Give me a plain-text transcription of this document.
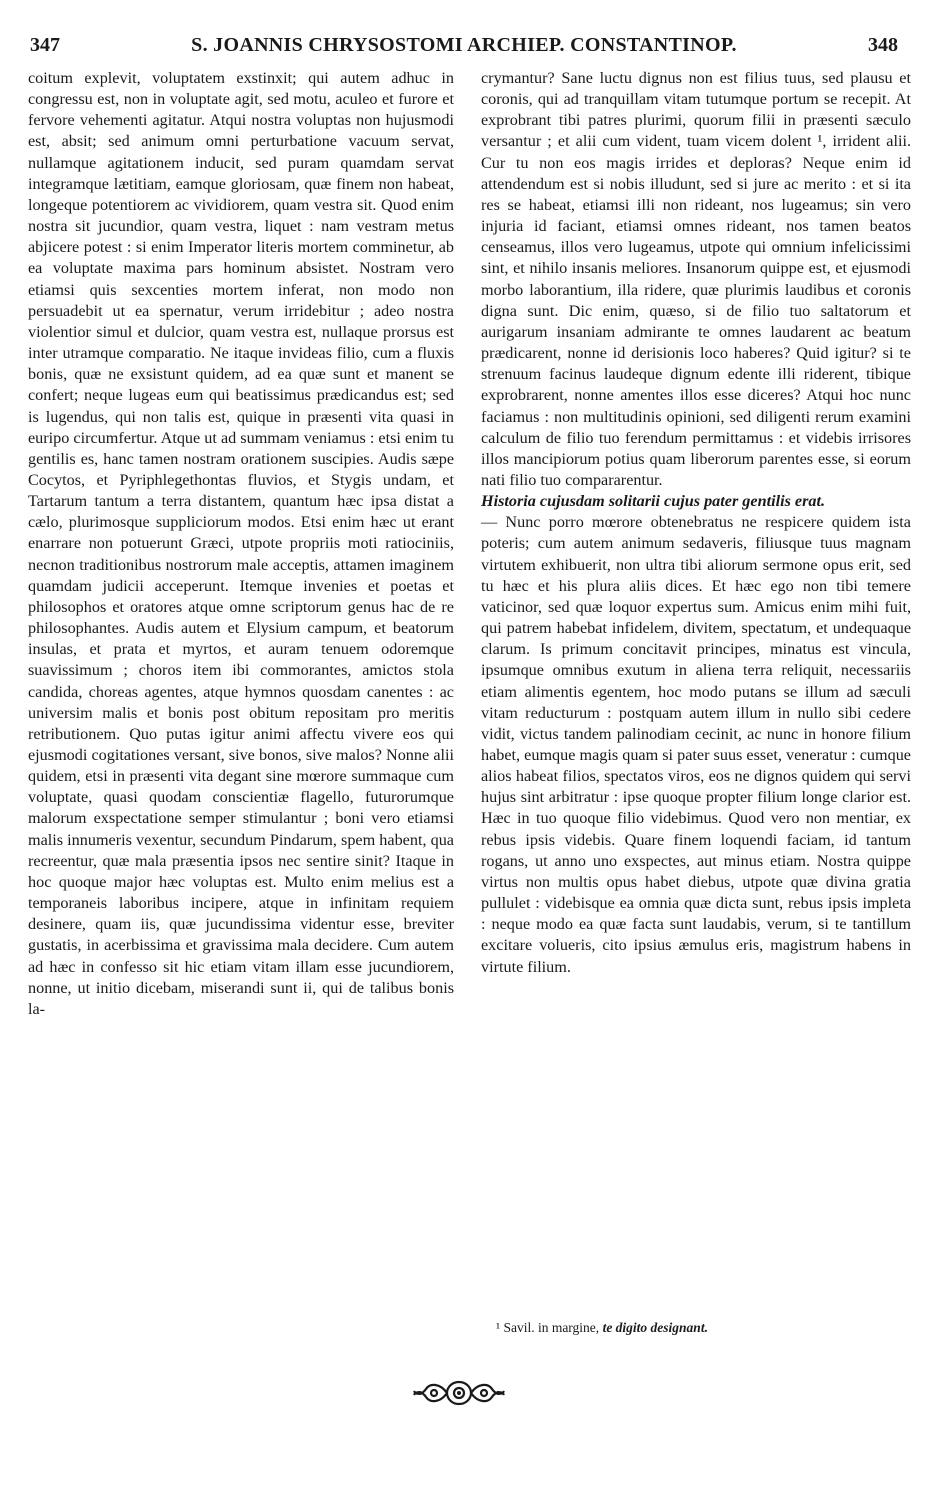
347	S. JOANNIS CHRYSOSTOMI ARCHIEP. CONSTANTINOP.	348

coitum explevit, voluptatem exstinxit; qui autem adhuc in congressu est, non in voluptate agit, sed motu, aculeo et furore et fervore vehementi agitatur. Atqui nostra voluptas non hujusmodi est, absit; sed animum omni perturbatione vacuum servat, nullamque agitationem inducit, sed puram quamdam servat integramque lætitiam, eamque gloriosam, quæ finem non habeat, longeque potentiorem ac vividiorem, quam vestra sit. Quod enim nostra sit jucundior, quam vestra, liquet : nam vestram metus abjicere potest : si enim Imperator literis mortem comminetur, ab ea voluptate maxima pars hominum absistet. Nostram vero etiamsi quis sexcenties mortem inferat, non modo non persuadebit ut ea spernatur, verum irridebitur ; adeo nostra violentior simul et dulcior, quam vestra est, nullaque prorsus est inter utramque comparatio. Ne itaque invideas filio, cum a fluxis bonis, quæ ne exsistunt quidem, ad ea quæ sunt et manent se confert; neque lugeas eum qui beatissimus prædicandus est; sed is lugendus, qui non talis est, quique in præsenti vita quasi in euripo circumfertur. Atque ut ad summam veniamus : etsi enim tu gentilis es, hanc tamen nostram orationem suscipies. Audis sæpe Cocytos, et Pyriphlegethontas fluvios, et Stygis undam, et Tartarum tantum a terra distantem, quantum hæc ipsa distat a cælo, plurimosque suppliciorum modos. Etsi enim hæc ut erant enarrare non potuerunt Græci, utpote propriis moti ratiociniis, necnon traditionibus nostrorum male acceptis, attamen imaginem quamdam judicii acceperunt. Itemque invenies et poetas et philosophos et oratores atque omne scriptorum genus hac de re philosophantes. Audis autem et Elysium campum, et beatorum insulas, et prata et myrtos, et auram tenuem odoremque suavissimum ; choros item ibi commorantes, amictos stola candida, choreas agentes, atque hymnos quosdam canentes : ac universim malis et bonis post obitum repositam pro meritis retributionem. Quo putas igitur animi affectu vivere eos qui ejusmodi cogitationes versant, sive bonos, sive malos? Nonne alii quidem, etsi in præsenti vita degant sine mœrore summaque cum voluptate, quasi quodam conscientiæ flagello, futurorumque malorum exspectatione semper stimulantur ; boni vero etiamsi malis innumeris vexentur, secundum Pindarum, spem habent, qua recreentur, quæ mala præsentia ipsos nec sentire sinit? Itaque in hoc quoque major hæc voluptas est. Multo enim melius est a temporaneis laboribus incipere, atque in infinitam requiem desinere, quam iis, quæ jucundissima videntur esse, breviter gustatis, in acerbissima et gravissima mala decidere. Cum autem ad hæc in confesso sit hic etiam vitam illam esse jucundiorem, nonne, ut initio dicebam, miserandi sunt ii, qui de talibus bonis la-

crymantur? Sane luctu dignus non est filius tuus, sed plausu et coronis, qui ad tranquillam vitam tutumque portum se recepit. At exprobrant tibi patres plurimi, quorum filii in præsenti sæculo versantur ; et alii cum vident, tuam vicem dolent ¹, irrident alii. Cur tu non eos magis irrides et deploras? Neque enim id attendendum est si nobis illudunt, sed si jure ac merito : et si ita res se habeat, etiamsi illi non rideant, nos lugeamus; sin vero injuria id faciant, etiamsi omnes rideant, nos tamen beatos censeamus, illos vero lugeamus, utpote qui omnium infelicissimi sint, et nihilo insanis meliores. Insanorum quippe est, et ejusmodi morbo laborantium, illa ridere, quæ plurimis laudibus et coronis digna sunt. Dic enim, quæso, si de filio tuo saltatorum et aurigarum insaniam admirante te omnes laudarent ac beatum prædicarent, nonne id derisionis loco haberes? Quid igitur? si te strenuum facinus laudeque dignum edente illi riderent, tibique exprobrarent, nonne amentes illos esse diceres? Atqui hoc nunc faciamus : non multitudinis opinioni, sed diligenti rerum examini calculum de filio tuo ferendum permittamus : et videbis irrisores illos mancipiorum potius quam liberorum parentes esse, si eorum nati filio tuo compararentur.

Historia cujusdam solitarii cujus pater gentilis erat.

— Nunc porro mœrore obtenebratus ne respicere quidem ista poteris; cum autem animum sedaveris, filiusque tuus magnam virtutem exhibuerit, non ultra tibi aliorum sermone opus erit, sed tu hæc et his plura aliis dices. Et hæc ego non tibi temere vaticinor, sed quæ loquor expertus sum. Amicus enim mihi fuit, qui patrem habebat infidelem, divitem, spectatum, et undequaque clarum. Is primum concitavit principes, minatus est vincula, ipsumque omnibus exutum in aliena terra reliquit, necessariis etiam alimentis egentem, hoc modo putans se illum ad sæculi vitam reducturum : postquam autem illum in nullo sibi cedere vidit, victus tandem palinodiam cecinit, ac nunc in honore filium habet, eumque magis quam si pater suus esset, veneratur : cumque alios habeat filios, spectatos viros, eos ne dignos quidem qui servi hujus sint arbitratur : ipse quoque propter filium longe clarior est. Hæc in tuo quoque filio videbimus. Quod vero non mentiar, ex rebus ipsis videbis. Quare finem loquendi faciam, id tantum rogans, ut anno uno exspectes, aut minus etiam. Nostra quippe virtus non multis opus habet diebus, utpote quæ divina gratia pullulet : videbisque ea omnia quæ dicta sunt, rebus ipsis impleta : neque modo ea quæ facta sunt laudabis, verum, si te tantillum excitare volueris, cito ipsius æmulus eris, magistrum habens in virtute filium.

¹ Savil. in margine, te digito designant.
